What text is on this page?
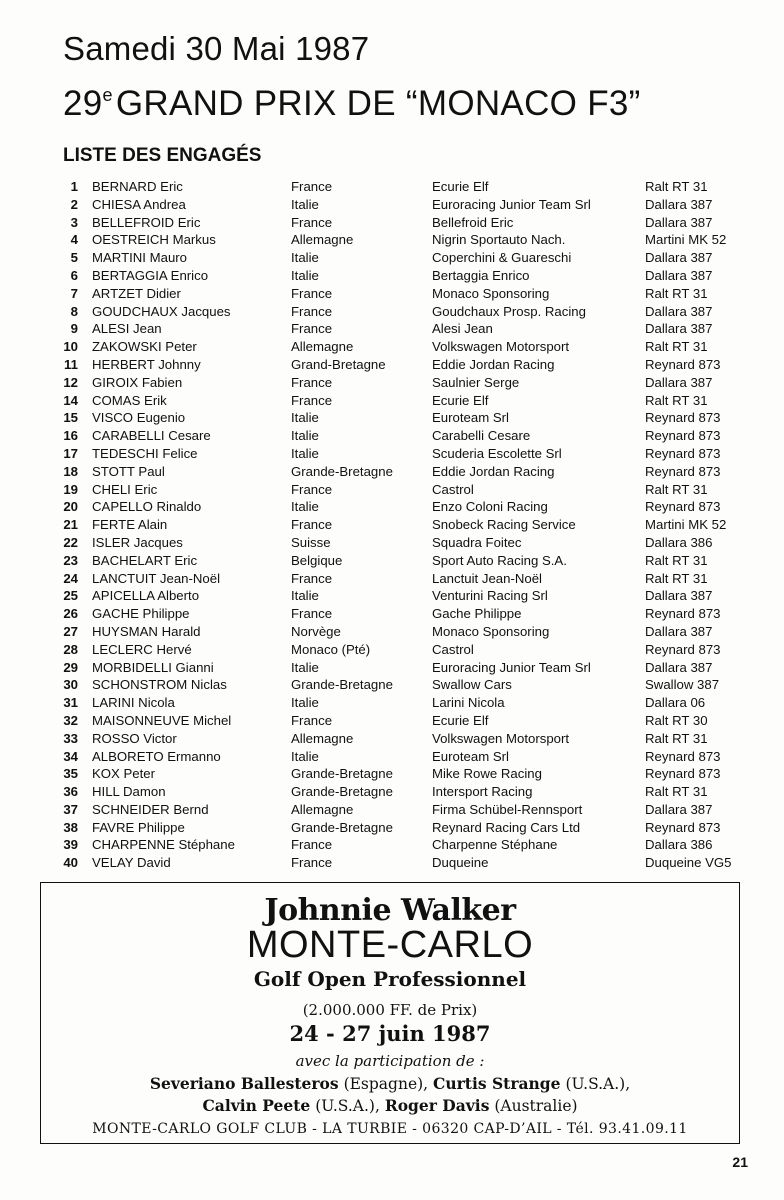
Samedi 30 Mai 1987
29eGRAND PRIX DE “MONACO F3”
LISTE DES ENGAGÉS
1 BERNARD Eric	France	Ecurie Elf	Ralt RT 31
2 CHIESA Andrea	Italie	Euroracing Junior Team Srl	Dallara 387
3 BELLEFROID Eric	France	Bellefroid Eric	Dallara 387
4 OESTREICH Markus	Allemagne	Nigrin Sportauto Nach.	Martini MK 52
5 MARTINI Mauro	Italie	Coperchini & Guareschi	Dallara 387
6 BERTAGGIA Enrico	Italie	Bertaggia Enrico	Dallara 387
7 ARTZET Didier	France	Monaco Sponsoring	Ralt RT 31
8 GOUDCHAUX Jacques	France	Goudchaux Prosp. Racing	Dallara 387
9 ALESI Jean	France	Alesi Jean	Dallara 387
10 ZAKOWSKI Peter	Allemagne	Volkswagen Motorsport	Ralt RT 31
11 HERBERT Johnny	Grand-Bretagne	Eddie Jordan Racing	Reynard 873
12 GIROIX Fabien	France	Saulnier Serge	Dallara 387
14 COMAS Erik	France	Ecurie Elf	Ralt RT 31
15 VISCO Eugenio	Italie	Euroteam Srl	Reynard 873
16 CARABELLI Cesare	Italie	Carabelli Cesare	Reynard 873
17 TEDESCHI Felice	Italie	Scuderia Escolette Srl	Reynard 873
18 STOTT Paul	Grande-Bretagne	Eddie Jordan Racing	Reynard 873
19 CHELI Eric	France	Castrol	Ralt RT 31
20 CAPELLO Rinaldo	Italie	Enzo Coloni Racing	Reynard 873
21 FERTE Alain	France	Snobeck Racing Service	Martini MK 52
22 ISLER Jacques	Suisse	Squadra Foitec	Dallara 386
23 BACHELART Eric	Belgique	Sport Auto Racing S.A.	Ralt RT 31
24 LANCTUIT Jean-Noël	France	Lanctuit Jean-Noël	Ralt RT 31
25 APICELLA Alberto	Italie	Venturini Racing Srl	Dallara 387
26 GACHE Philippe	France	Gache Philippe	Reynard 873
27 HUYSMAN Harald	Norvège	Monaco Sponsoring	Dallara 387
28 LECLERC Hervé	Monaco (Pté)	Castrol	Reynard 873
29 MORBIDELLI Gianni	Italie	Euroracing Junior Team Srl	Dallara 387
30 SCHONSTROM Niclas	Grande-Bretagne	Swallow Cars	Swallow 387
31 LARINI Nicola	Italie	Larini Nicola	Dallara 06
32 MAISONNEUVE Michel	France	Ecurie Elf	Ralt RT 30
33 ROSSO Victor	Allemagne	Volkswagen Motorsport	Ralt RT 31
34 ALBORETO Ermanno	Italie	Euroteam Srl	Reynard 873
35 KOX Peter	Grande-Bretagne	Mike Rowe Racing	Reynard 873
36 HILL Damon	Grande-Bretagne	Intersport Racing	Ralt RT 31
37 SCHNEIDER Bernd	Allemagne	Firma Schübel-Rennsport	Dallara 387
38 FAVRE Philippe	Grande-Bretagne	Reynard Racing Cars Ltd	Reynard 873
39 CHARPENNE Stéphane	France	Charpenne Stéphane	Dallara 386
40 VELAY David	France	Duqueine	Duqueine VG5
Johnnie Walker
MONTE-CARLO
Golf Open Professionnel
(2.000.000 FF. de Prix)
24 - 27 juin 1987
avec la participation de :
Severiano Ballesteros (Espagne), Curtis Strange (U.S.A.),
Calvin Peete (U.S.A.), Roger Davis (Australie)
MONTE-CARLO GOLF CLUB - LA TURBIE - 06320 CAP-D’AIL - Tél. 93.41.09.11
21
